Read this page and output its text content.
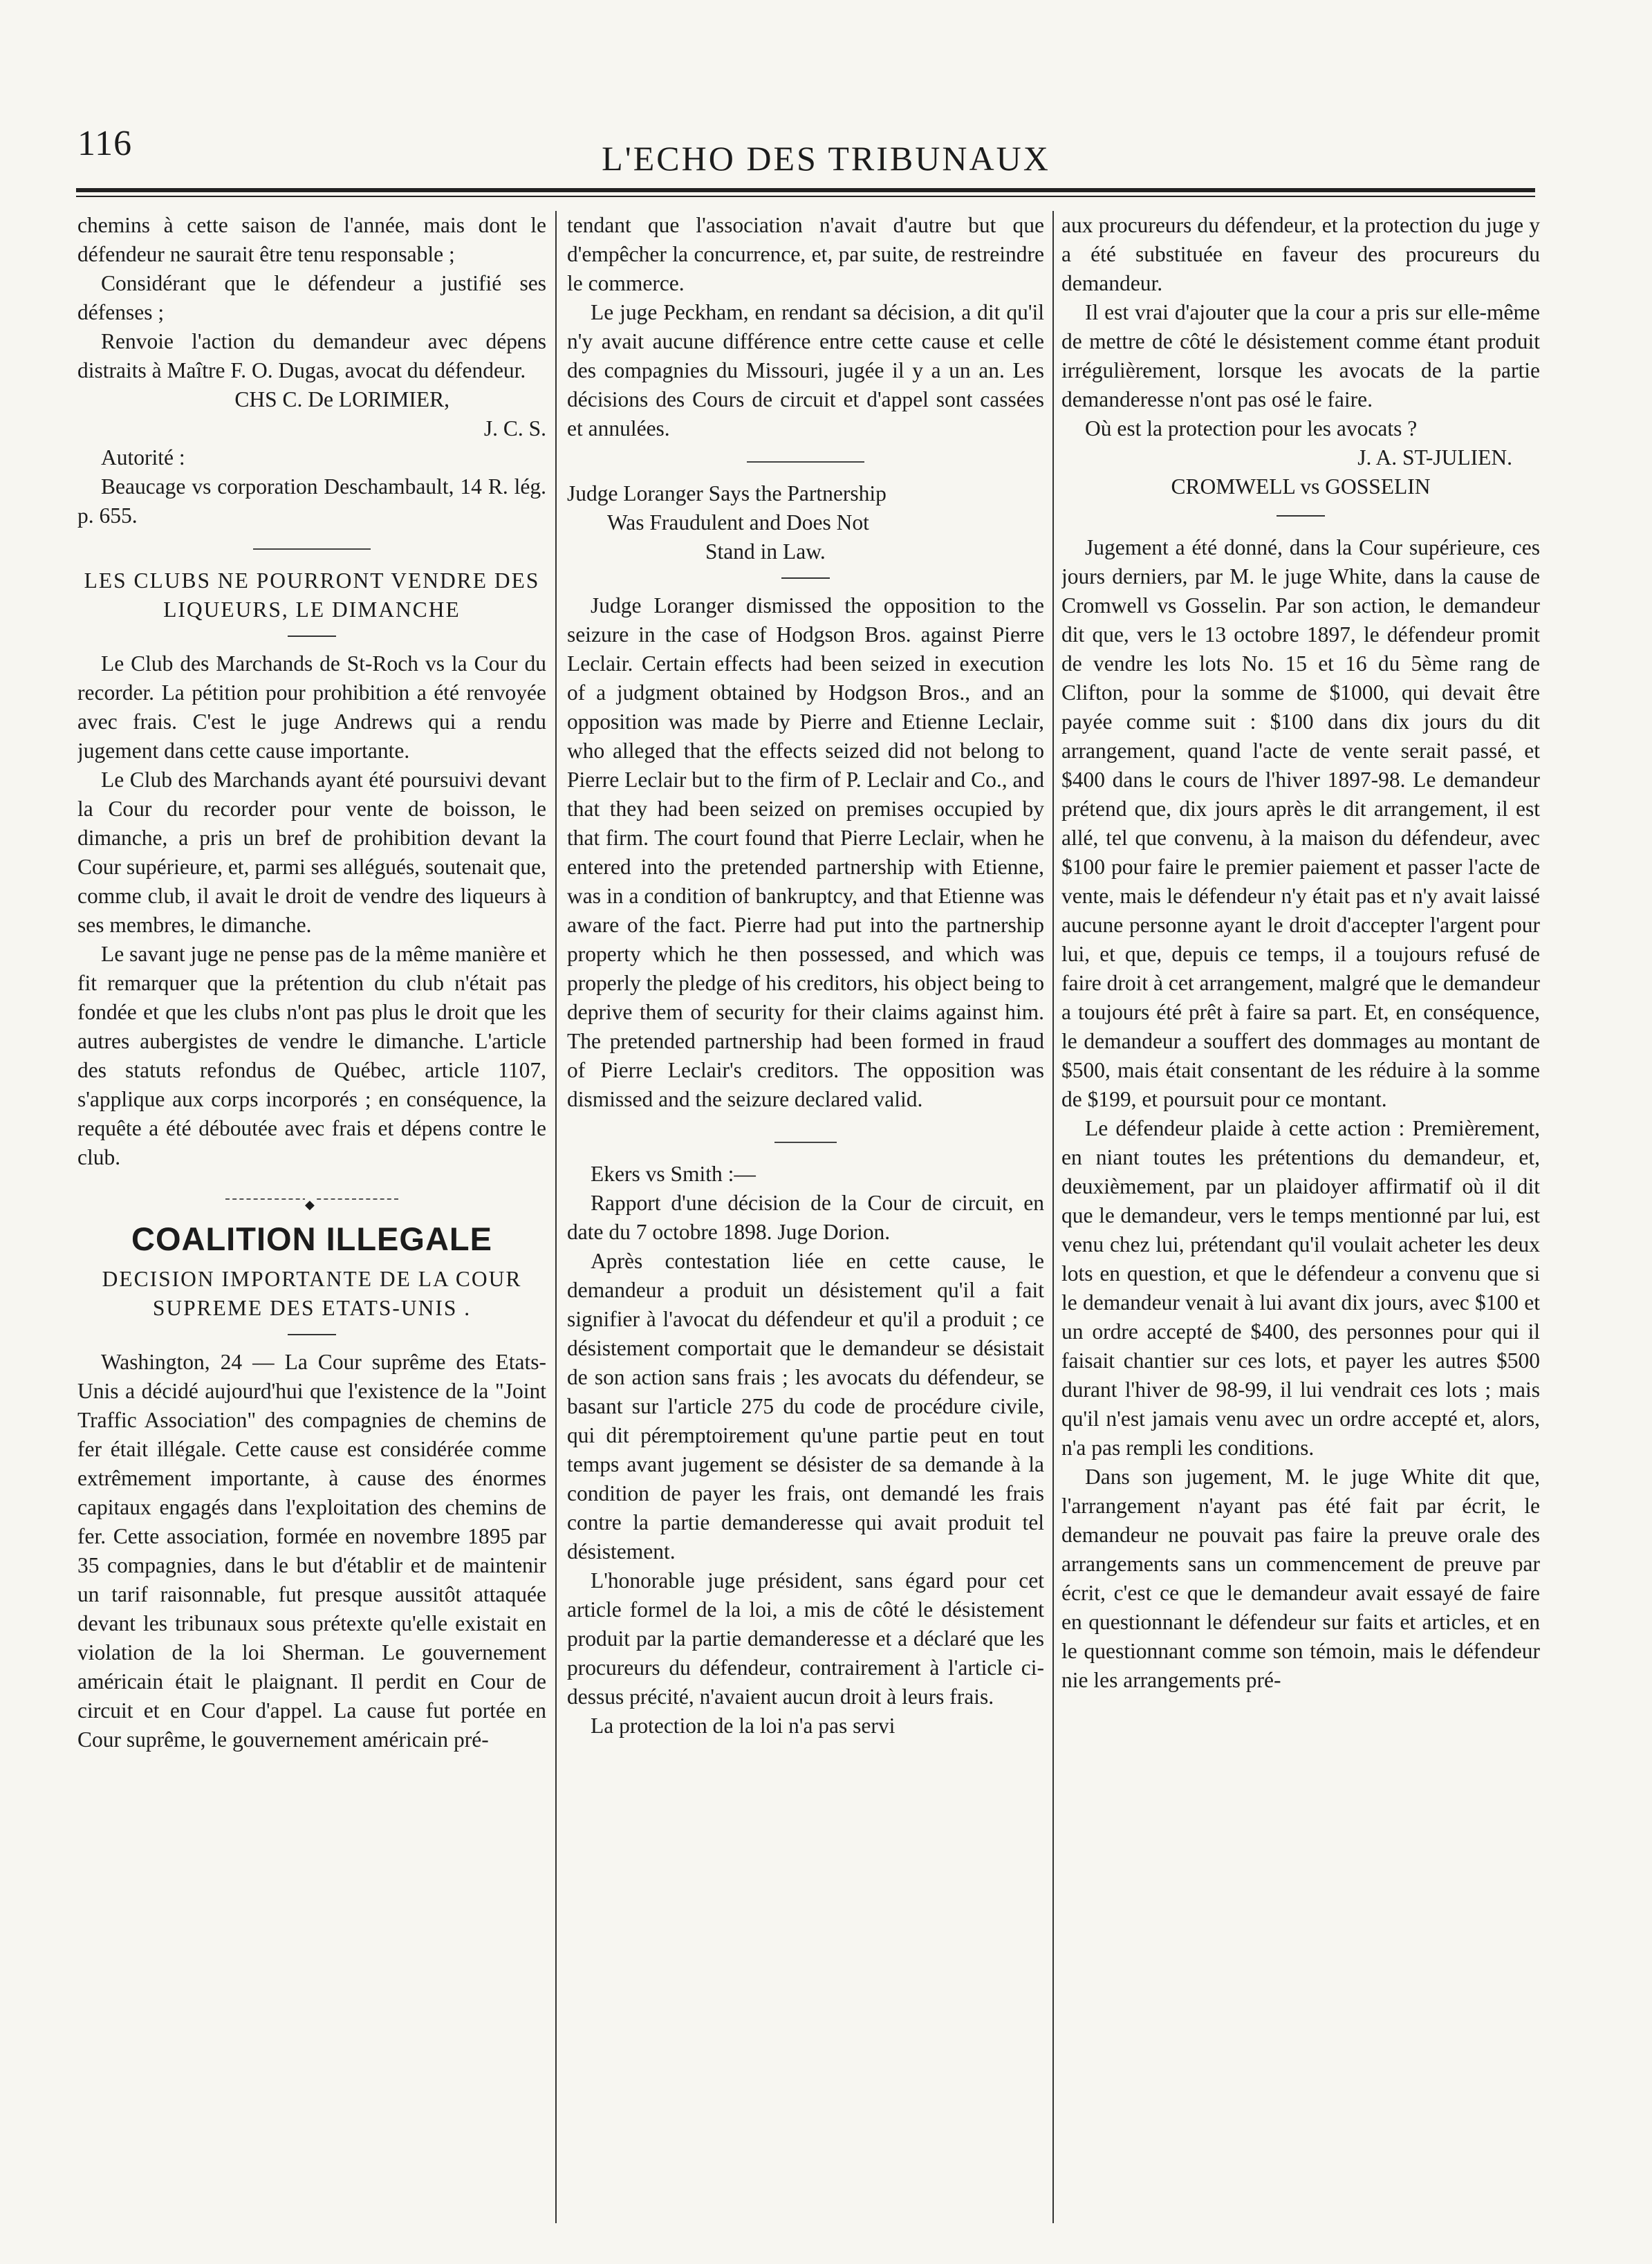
116	L'ECHO DES TRIBUNAUX

chemins à cette saison de l'année, mais dont le défendeur ne saurait être tenu responsable ;

Considérant que le défendeur a justifié ses défenses ;

Renvoie l'action du demandeur avec dépens distraits à Maître F. O. Dugas, avocat du défendeur.

CHS C. De LORIMIER,

J. C. S.

Autorité :

Beaucage vs corporation Deschambault, 14 R. lég. p. 655.

LES CLUBS NE POURRONT VENDRE DES LIQUEURS, LE DIMANCHE

Le Club des Marchands de St-Roch vs la Cour du recorder. La pétition pour prohibition a été renvoyée avec frais. C'est le juge Andrews qui a rendu jugement dans cette cause importante.

Le Club des Marchands ayant été poursuivi devant la Cour du recorder pour vente de boisson, le dimanche, a pris un bref de prohibition devant la Cour supérieure, et, parmi ses allégués, soutenait que, comme club, il avait le droit de vendre des liqueurs à ses membres, le dimanche.

Le savant juge ne pense pas de la même manière et fit remarquer que la prétention du club n'était pas fondée et que les clubs n'ont pas plus le droit que les autres aubergistes de vendre le dimanche. L'article des statuts refondus de Québec, article 1107, s'applique aux corps incorporés ; en conséquence, la requête a été déboutée avec frais et dépens contre le club.

◆

COALITION ILLEGALE

DECISION IMPORTANTE DE LA COUR SUPREME DES ETATS-UNIS .

Washington, 24 — La Cour suprême des Etats-Unis a décidé aujourd'hui que l'existence de la "Joint Traffic Association" des compagnies de chemins de fer était illégale. Cette cause est considérée comme extrêmement importante, à cause des énormes capitaux engagés dans l'exploitation des chemins de fer. Cette association, formée en novembre 1895 par 35 compagnies, dans le but d'établir et de maintenir un tarif raisonnable, fut presque aussitôt attaquée devant les tribunaux sous prétexte qu'elle existait en violation de la loi Sherman. Le gouvernement américain était le plaignant. Il perdit en Cour de circuit et en Cour d'appel. La cause fut portée en Cour suprême, le gouvernement américain pré-

tendant que l'association n'avait d'autre but que d'empêcher la concurrence, et, par suite, de restreindre le commerce.

Le juge Peckham, en rendant sa décision, a dit qu'il n'y avait aucune différence entre cette cause et celle des compagnies du Missouri, jugée il y a un an. Les décisions des Cours de circuit et d'appel sont cassées et annulées.

Judge Loranger Says the Partnership
Was Fraudulent and Does Not
Stand in Law.

Judge Loranger dismissed the opposition to the seizure in the case of Hodgson Bros. against Pierre Leclair. Certain effects had been seized in execution of a judgment obtained by Hodgson Bros., and an opposition was made by Pierre and Etienne Leclair, who alleged that the effects seized did not belong to Pierre Leclair but to the firm of P. Leclair and Co., and that they had been seized on premises occupied by that firm. The court found that Pierre Leclair, when he entered into the pretended partnership with Etienne, was in a condition of bankruptcy, and that Etienne was aware of the fact. Pierre had put into the partnership property which he then possessed, and which was properly the pledge of his creditors, his object being to deprive them of security for their claims against him. The pretended partnership had been formed in fraud of Pierre Leclair's creditors. The opposition was dismissed and the seizure declared valid.

Ekers vs Smith :—

Rapport d'une décision de la Cour de circuit, en date du 7 octobre 1898. Juge Dorion.

Après contestation liée en cette cause, le demandeur a produit un désistement qu'il a fait signifier à l'avocat du défendeur et qu'il a produit ; ce désistement comportait que le demandeur se désistait de son action sans frais ; les avocats du défendeur, se basant sur l'article 275 du code de procédure civile, qui dit péremptoirement qu'une partie peut en tout temps avant jugement se désister de sa demande à la condition de payer les frais, ont demandé les frais contre la partie demanderesse qui avait produit tel désistement.

L'honorable juge président, sans égard pour cet article formel de la loi, a mis de côté le désistement produit par la partie demanderesse et a déclaré que les procureurs du défendeur, contrairement à l'article ci-dessus précité, n'avaient aucun droit à leurs frais.

La protection de la loi n'a pas servi

aux procureurs du défendeur, et la protection du juge y a été substituée en faveur des procureurs du demandeur.

Il est vrai d'ajouter que la cour a pris sur elle-même de mettre de côté le désistement comme étant produit irrégulièrement, lorsque les avocats de la partie demanderesse n'ont pas osé le faire.

Où est la protection pour les avocats ?

J. A. ST-JULIEN.

CROMWELL vs GOSSELIN

Jugement a été donné, dans la Cour supérieure, ces jours derniers, par M. le juge White, dans la cause de Cromwell vs Gosselin. Par son action, le demandeur dit que, vers le 13 octobre 1897, le défendeur promit de vendre les lots No. 15 et 16 du 5ème rang de Clifton, pour la somme de $1000, qui devait être payée comme suit : $100 dans dix jours du dit arrangement, quand l'acte de vente serait passé, et $400 dans le cours de l'hiver 1897-98. Le demandeur prétend que, dix jours après le dit arrangement, il est allé, tel que convenu, à la maison du défendeur, avec $100 pour faire le premier paiement et passer l'acte de vente, mais le défendeur n'y était pas et n'y avait laissé aucune personne ayant le droit d'accepter l'argent pour lui, et que, depuis ce temps, il a toujours refusé de faire droit à cet arrangement, malgré que le demandeur a toujours été prêt à faire sa part. Et, en conséquence, le demandeur a souffert des dommages au montant de $500, mais était consentant de les réduire à la somme de $199, et poursuit pour ce montant.

Le défendeur plaide à cette action : Premièrement, en niant toutes les prétentions du demandeur, et, deuxièmement, par un plaidoyer affirmatif où il dit que le demandeur, vers le temps mentionné par lui, est venu chez lui, prétendant qu'il voulait acheter les deux lots en question, et que le défendeur a convenu que si le demandeur venait à lui avant dix jours, avec $100 et un ordre accepté de $400, des personnes pour qui il faisait chantier sur ces lots, et payer les autres $500 durant l'hiver de 98-99, il lui vendrait ces lots ; mais qu'il n'est jamais venu avec un ordre accepté et, alors, n'a pas rempli les conditions.

Dans son jugement, M. le juge White dit que, l'arrangement n'ayant pas été fait par écrit, le demandeur ne pouvait pas faire la preuve orale des arrangements sans un commencement de preuve par écrit, c'est ce que le demandeur avait essayé de faire en questionnant le défendeur sur faits et articles, et en le questionnant comme son témoin, mais le défendeur nie les arrangements pré-
